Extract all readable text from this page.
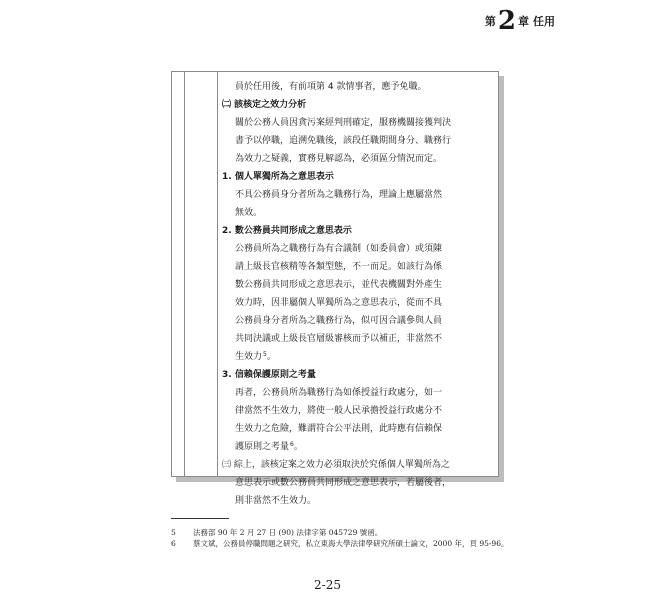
第 2 章 任用

員於任用後，有前項第 4 款情事者，應予免職。

㈡ 該核定之效力分析

關於公務人員因貪污案經判刑確定，服務機關接獲判決

書予以停職，追溯免職後，該段任職期間身分、職務行

為效力之疑義，實務見解認為，必須區分情況而定。

1. 個人單獨所為之意思表示

不具公務員身分者所為之職務行為，理論上應屬當然

無效。

2. 數公務員共同形成之意思表示

公務員所為之職務行為有合議制（如委員會）或須陳

請上級長官核精等各類型態，不一而足。如該行為係

數公務員共同形成之意思表示，並代表機關對外產生

效力時，因非屬個人單獨所為之意思表示，從而不具

公務員身分者所為之職務行為，似可因合議參與人員

共同決議或上級長官層級審核而予以補正，非當然不

生效力$^5$。

3. 信賴保護原則之考量

再者，公務員所為職務行為如係授益行政處分，如一

律當然不生效力，將使一般人民承擔授益行政處分不

生效力之危險，難謂符合公平法則，此時應有信賴保

護原則之考量$^6$。

㈢ 綜上，該核定案之效力必須取決於究係個人單獨所為之

意思表示或數公務員共同形成之意思表示，若屬後者，

則非當然不生效力。

5 法務部 90 年 2 月 27 日 (90) 法律字第 045729 號函。
6 蔡文斌，公務員停職問題之研究，私立東海大學法律學研究所碩士論文，2000 年，頁 95-96。
2-25
